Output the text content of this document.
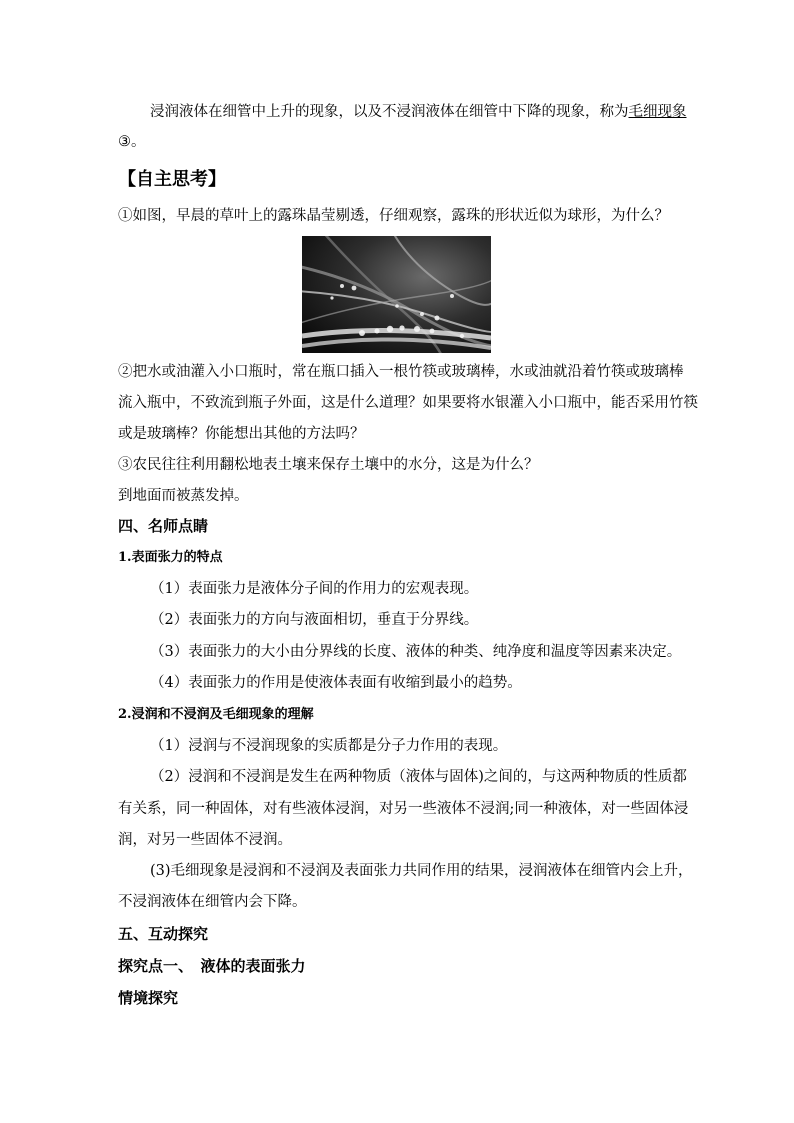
浸润液体在细管中上升的现象，以及不浸润液体在细管中下降的现象，称为毛细现象
③。
【自主思考】
①如图，早晨的草叶上的露珠晶莹剔透，仔细观察，露珠的形状近似为球形，为什么？
②把水或油灌入小口瓶时，常在瓶口插入一根竹筷或玻璃棒，水或油就沿着竹筷或玻璃棒
流入瓶中，不致流到瓶子外面，这是什么道理？如果要将水银灌入小口瓶中，能否采用竹筷
或是玻璃棒？你能想出其他的方法吗？
③农民往往利用翻松地表土壤来保存土壤中的水分，这是为什么？
到地面而被蒸发掉。
四、名师点睛
1.表面张力的特点
（1）表面张力是液体分子间的作用力的宏观表现。
（2）表面张力的方向与液面相切，垂直于分界线。
（3）表面张力的大小由分界线的长度、液体的种类、纯净度和温度等因素来决定。
（4）表面张力的作用是使液体表面有收缩到最小的趋势。
2.浸润和不浸润及毛细现象的理解
（1）浸润与不浸润现象的实质都是分子力作用的表现。
（2）浸润和不浸润是发生在两种物质（液体与固体)之间的，与这两种物质的性质都
有关系，同一种固体，对有些液体浸润，对另一些液体不浸润;同一种液体，对一些固体浸
润，对另一些固体不浸润。
(3)毛细现象是浸润和不浸润及表面张力共同作用的结果，浸润液体在细管内会上升，
不浸润液体在细管内会下降。
五、互动探究
探究点一、　液体的表面张力
情境探究
